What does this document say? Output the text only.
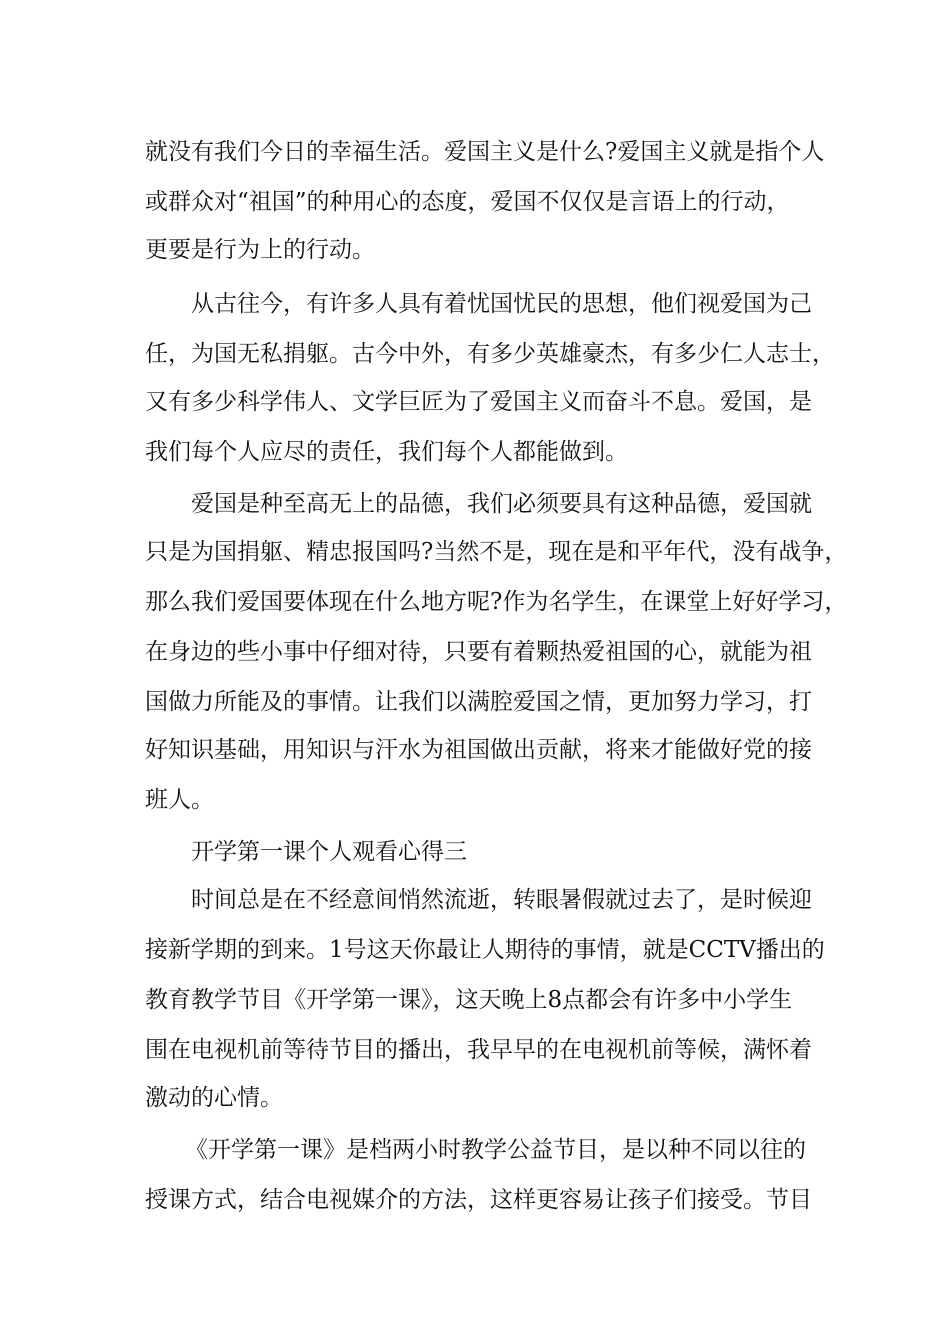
就没有我们今日的幸福生活。爱国主义是什么?爱国主义就是指个人

或群众对“祖国”的种用心的态度，爱国不仅仅是言语上的行动，

更要是行为上的行动。

从古往今，有许多人具有着忧国忧民的思想，他们视爱国为己

任，为国无私捐躯。古今中外，有多少英雄豪杰，有多少仁人志士，

又有多少科学伟人、文学巨匠为了爱国主义而奋斗不息。爱国，是

我们每个人应尽的责任，我们每个人都能做到。

爱国是种至高无上的品德，我们必须要具有这种品德，爱国就

只是为国捐躯、精忠报国吗?当然不是，现在是和平年代，没有战争，

那么我们爱国要体现在什么地方呢?作为名学生，在课堂上好好学习，

在身边的些小事中仔细对待，只要有着颗热爱祖国的心，就能为祖

国做力所能及的事情。让我们以满腔爱国之情，更加努力学习，打

好知识基础，用知识与汗水为祖国做出贡献，将来才能做好党的接

班人。

开学第一课个人观看心得三

时间总是在不经意间悄然流逝，转眼暑假就过去了，是时候迎

接新学期的到来。1号这天你最让人期待的事情，就是CCTV播出的

教育教学节目《开学第一课》，这天晚上8点都会有许多中小学生

围在电视机前等待节目的播出，我早早的在电视机前等候，满怀着

激动的心情。

《开学第一课》是档两小时教学公益节目，是以种不同以往的

授课方式，结合电视媒介的方法，这样更容易让孩子们接受。节目
